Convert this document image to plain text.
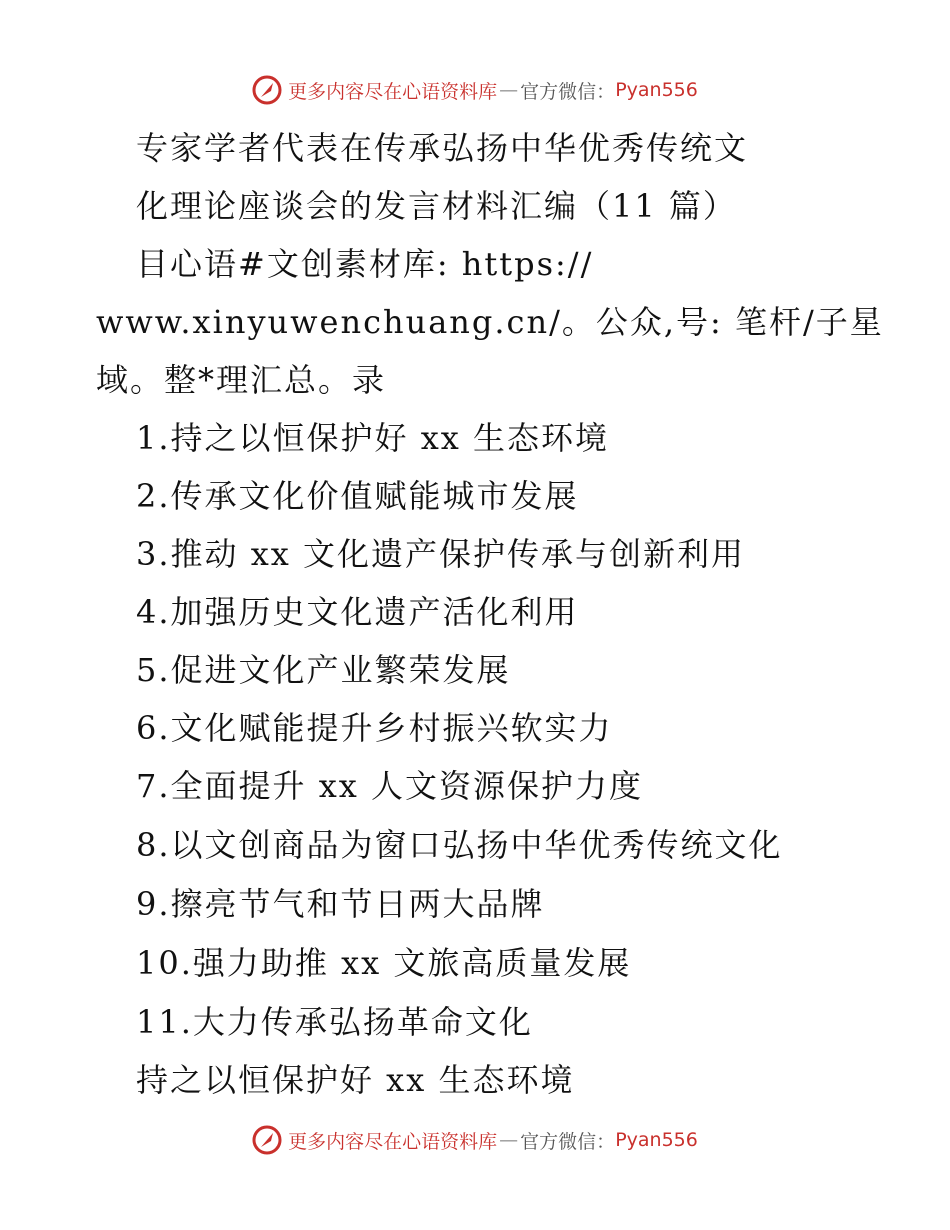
更多内容尽在心语资料库 — 官方微信： Pyan556
专家学者代表在传承弘扬中华优秀传统文
化理论座谈会的发言材料汇编（11 篇）
目心语#文创素材库: https://
www.xinyuwenchuang.cn/。公众,号: 笔杆/子星
域。整*理汇总。录
1.持之以恒保护好 xx 生态环境
2.传承文化价值赋能城市发展
3.推动 xx 文化遗产保护传承与创新利用
4.加强历史文化遗产活化利用
5.促进文化产业繁荣发展
6.文化赋能提升乡村振兴软实力
7.全面提升 xx 人文资源保护力度
8.以文创商品为窗口弘扬中华优秀传统文化
9.擦亮节气和节日两大品牌
10.强力助推 xx 文旅高质量发展
11.大力传承弘扬革命文化
持之以恒保护好 xx 生态环境
更多内容尽在心语资料库 — 官方微信： Pyan556
